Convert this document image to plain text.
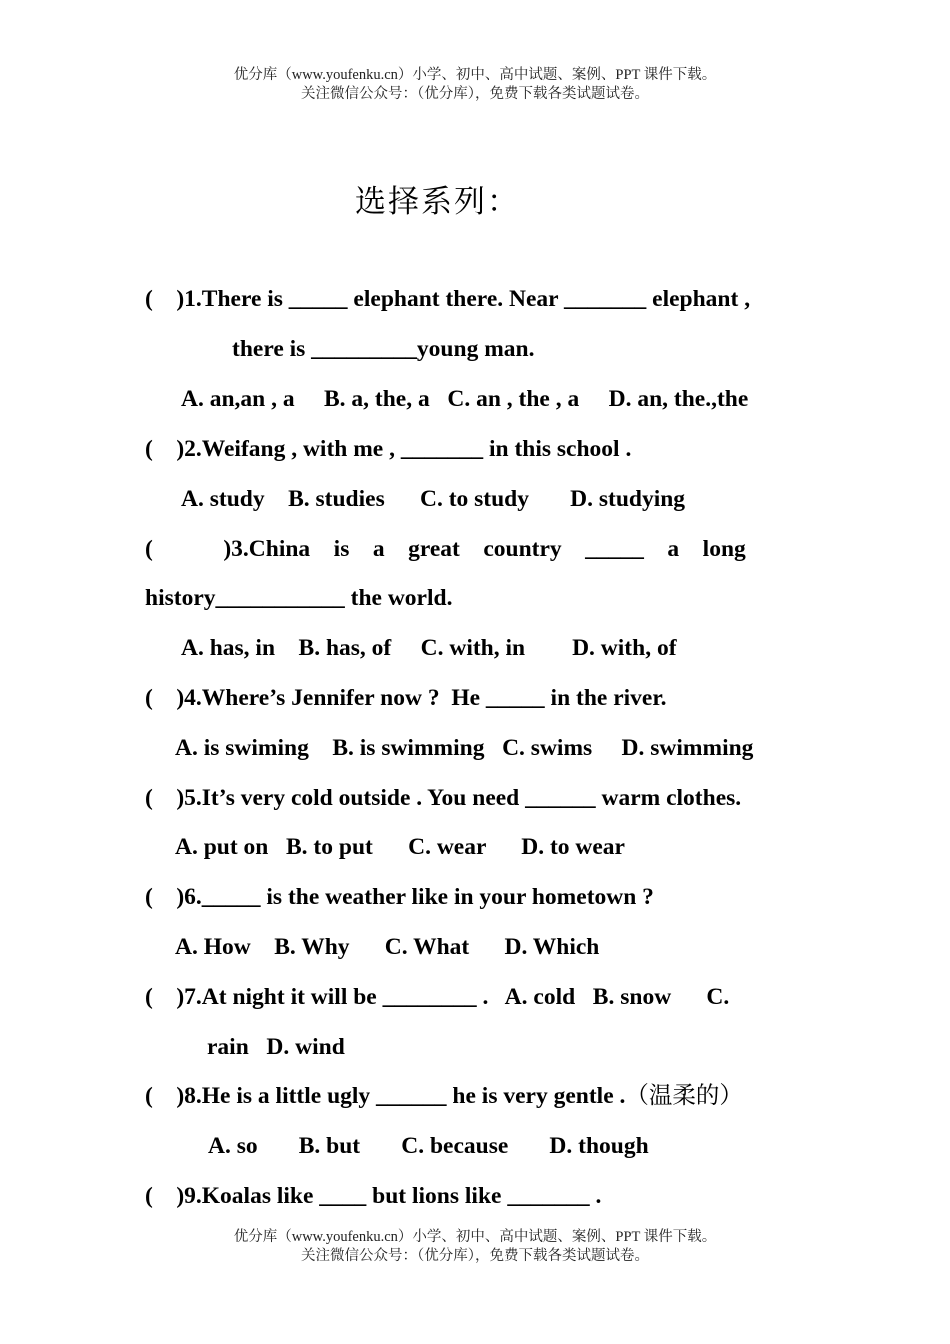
优分库（www.youfenku.cn）小学、初中、高中试题、案例、PPT 课件下载。
关注微信公众号：（优分库），免费下载各类试题试卷。
选择系列：
(    )1.There is _____ elephant there. Near _______ elephant ,
there is _________young man.
A. an,an , a     B. a, the, a   C. an , the , a     D. an, the.,the
(    )2.Weifang , with me , _______ in this school .
A. study    B. studies      C. to study       D. studying
(            )3.China    is    a    great    country    _____    a    long
history___________ the world.
A. has, in    B. has, of     C. with, in        D. with, of
(    )4.Where’s Jennifer now ?  He _____ in the river.
A. is swiming    B. is swimming   C. swims     D. swimming
(    )5.It’s very cold outside . You need ______ warm clothes.
A. put on   B. to put      C. wear      D. to wear
(    )6._____ is the weather like in your hometown ?
A. How    B. Why      C. What      D. Which
(    )7.At night it will be ________ .   A. cold   B. snow      C.
rain   D. wind
(    )8.He is a little ugly ______ he is very gentle .（温柔的）
A. so       B. but       C. because       D. though
(    )9.Koalas like ____ but lions like _______ .
优分库（www.youfenku.cn）小学、初中、高中试题、案例、PPT 课件下载。
关注微信公众号：（优分库），免费下载各类试题试卷。
